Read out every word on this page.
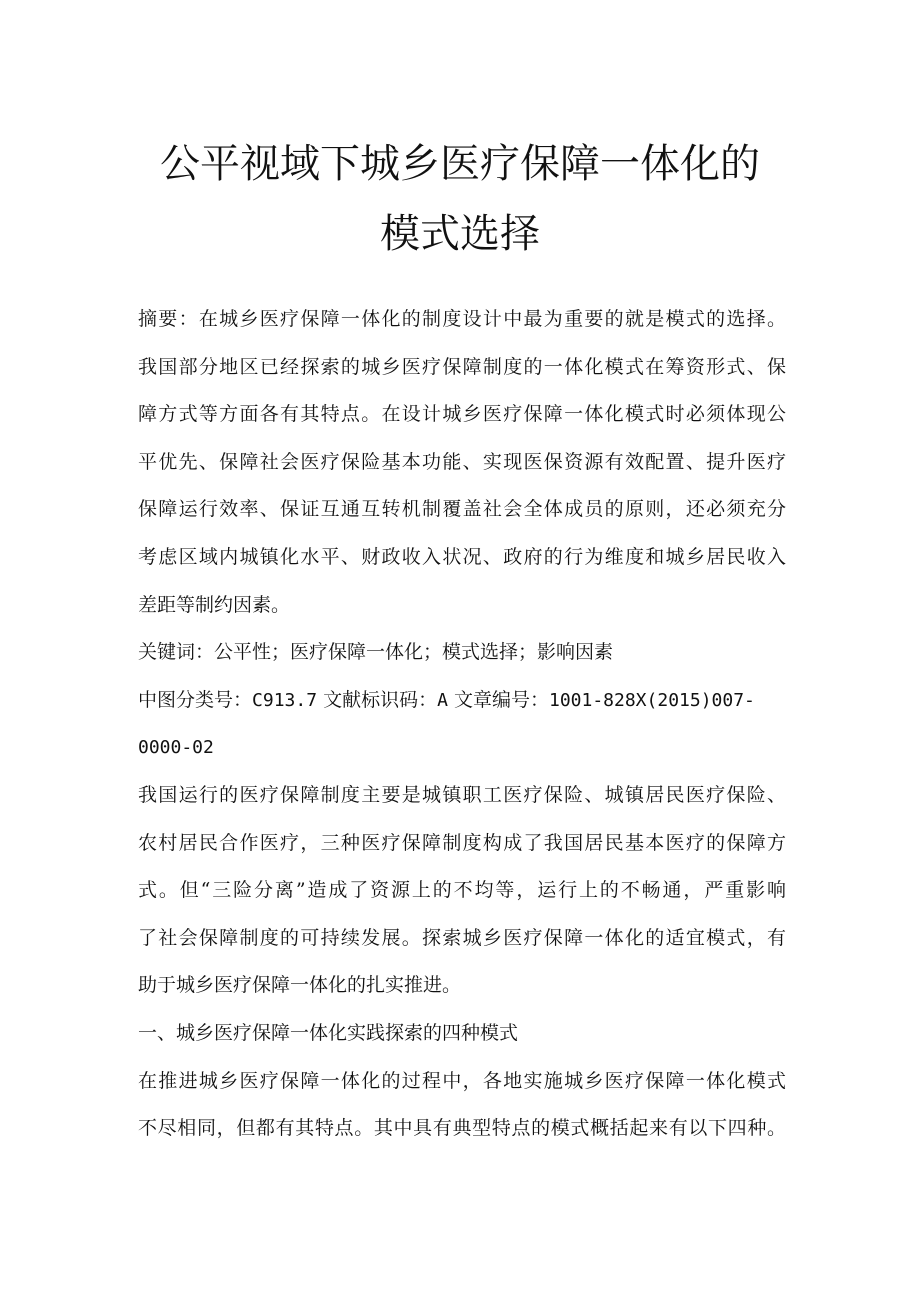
公平视域下城乡医疗保障一体化的
模式选择

摘要：在城乡医疗保障一体化的制度设计中最为重要的就是模式的选择。

我国部分地区已经探索的城乡医疗保障制度的一体化模式在筹资形式、保

障方式等方面各有其特点。在设计城乡医疗保障一体化模式时必须体现公

平优先、保障社会医疗保险基本功能、实现医保资源有效配置、提升医疗

保障运行效率、保证互通互转机制覆盖社会全体成员的原则，还必须充分

考虑区域内城镇化水平、财政收入状况、政府的行为维度和城乡居民收入

差距等制约因素。

关键词：公平性；医疗保障一体化；模式选择；影响因素

中图分类号：C913.7 文献标识码：A 文章编号：1001-828X(2015)007-

0000-02

我国运行的医疗保障制度主要是城镇职工医疗保险、城镇居民医疗保险、

农村居民合作医疗，三种医疗保障制度构成了我国居民基本医疗的保障方

式。但“三险分离”造成了资源上的不均等，运行上的不畅通，严重影响

了社会保障制度的可持续发展。探索城乡医疗保障一体化的适宜模式，有

助于城乡医疗保障一体化的扎实推进。

一、城乡医疗保障一体化实践探索的四种模式

在推进城乡医疗保障一体化的过程中，各地实施城乡医疗保障一体化模式

不尽相同，但都有其特点。其中具有典型特点的模式概括起来有以下四种。
